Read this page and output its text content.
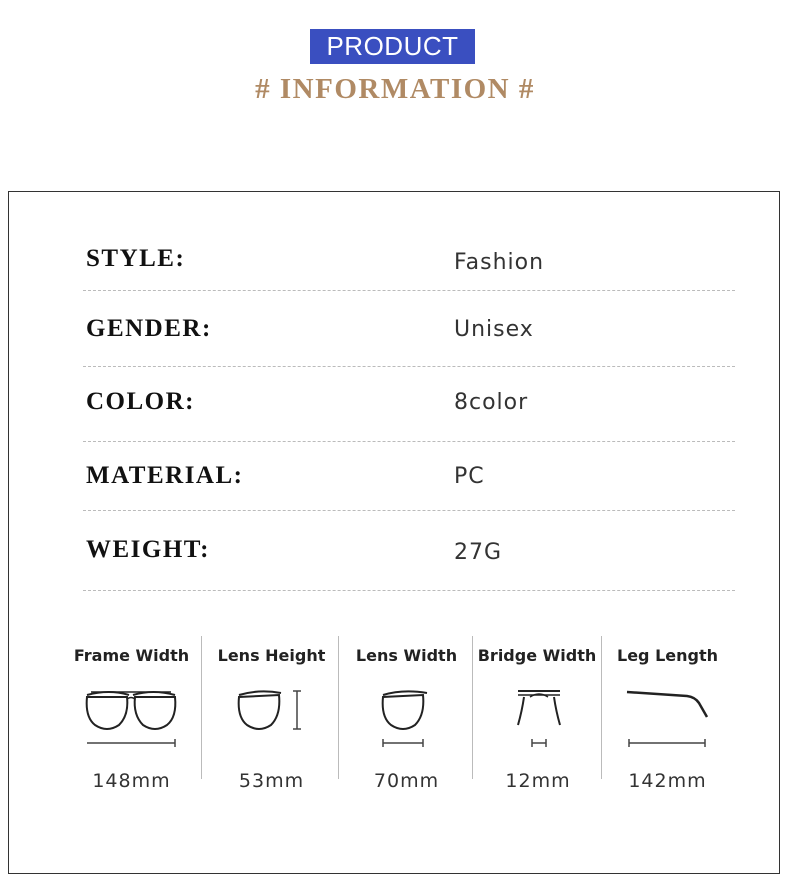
PRODUCT
# INFORMATION #
STYLE:	Fashion
GENDER:	Unisex
COLOR:	8color
MATERIAL:	PC
WEIGHT:	27G
Frame Width	Lens Height	Lens Width	Bridge Width	Leg Length
148mm	53mm	70mm	12mm	142mm
